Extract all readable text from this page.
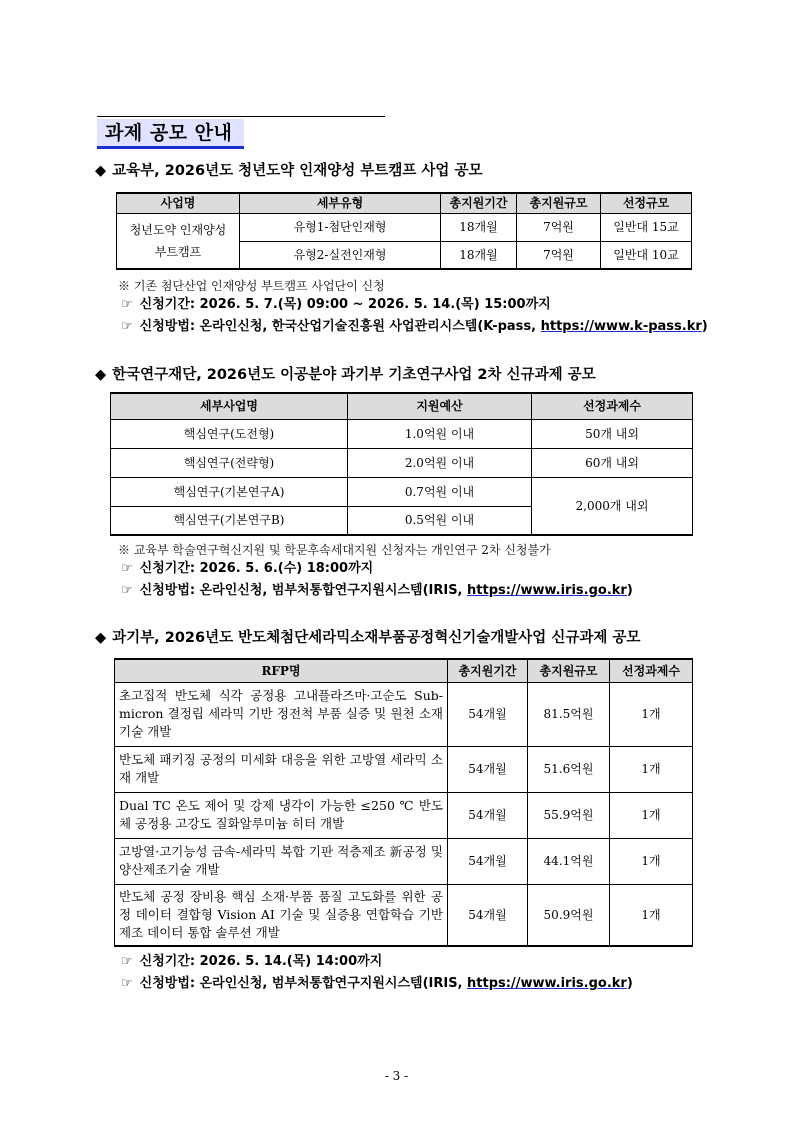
과제 공모 안내
◆ 교육부, 2026년도 청년도약 인재양성 부트캠프 사업 공모
사업명	세부유형	총지원기간	총지원규모	선정규모
청년도약 인재양성 부트캠프	유형1-첨단인재형	18개월	7억원	일반대 15교
	유형2-실전인재형	18개월	7억원	일반대 10교
※ 기존 첨단산업 인재양성 부트캠프 사업단이 신청
☞ 신청기간: 2026. 5. 7.(목) 09:00 ~ 2026. 5. 14.(목) 15:00까지
☞ 신청방법: 온라인신청, 한국산업기술진흥원 사업관리시스템(K-pass, https://www.k-pass.kr)
◆ 한국연구재단, 2026년도 이공분야 과기부 기초연구사업 2차 신규과제 공모
세부사업명	지원예산	선정과제수
핵심연구(도전형)	1.0억원 이내	50개 내외
핵심연구(전략형)	2.0억원 이내	60개 내외
핵심연구(기본연구A)	0.7억원 이내	2,000개 내외
핵심연구(기본연구B)	0.5억원 이내	
※ 교육부 학술연구혁신지원 및 학문후속세대지원 신청자는 개인연구 2차 신청불가
☞ 신청기간: 2026. 5. 6.(수) 18:00까지
☞ 신청방법: 온라인신청, 범부처통합연구지원시스템(IRIS, https://www.iris.go.kr)
◆ 과기부, 2026년도 반도체첨단세라믹소재부품공정혁신기술개발사업 신규과제 공모
RFP명	총지원기간	총지원규모	선정과제수
초고집적 반도체 식각 공정용 고내플라즈마·고순도 Sub-micron 결정립 세라믹 기반 정전척 부품 실증 및 원천 소재 기술 개발	54개월	81.5억원	1개
반도체 패키징 공정의 미세화 대응을 위한 고방열 세라믹 소재 개발	54개월	51.6억원	1개
Dual TC 온도 제어 및 강제 냉각이 가능한 ≤250 ℃ 반도체 공정용 고강도 질화알루미늄 히터 개발	54개월	55.9억원	1개
고방열·고기능성 금속-세라믹 복합 기판 적층제조 新공정 및 양산제조기술 개발	54개월	44.1억원	1개
반도체 공정 장비용 핵심 소재·부품 품질 고도화를 위한 공정 데이터 결합형 Vision AI 기술 및 실증용 연합학습 기반 제조 데이터 통합 솔루션 개발	54개월	50.9억원	1개
☞ 신청기간: 2026. 5. 14.(목) 14:00까지
☞ 신청방법: 온라인신청, 범부처통합연구지원시스템(IRIS, https://www.iris.go.kr)
- 3 -
